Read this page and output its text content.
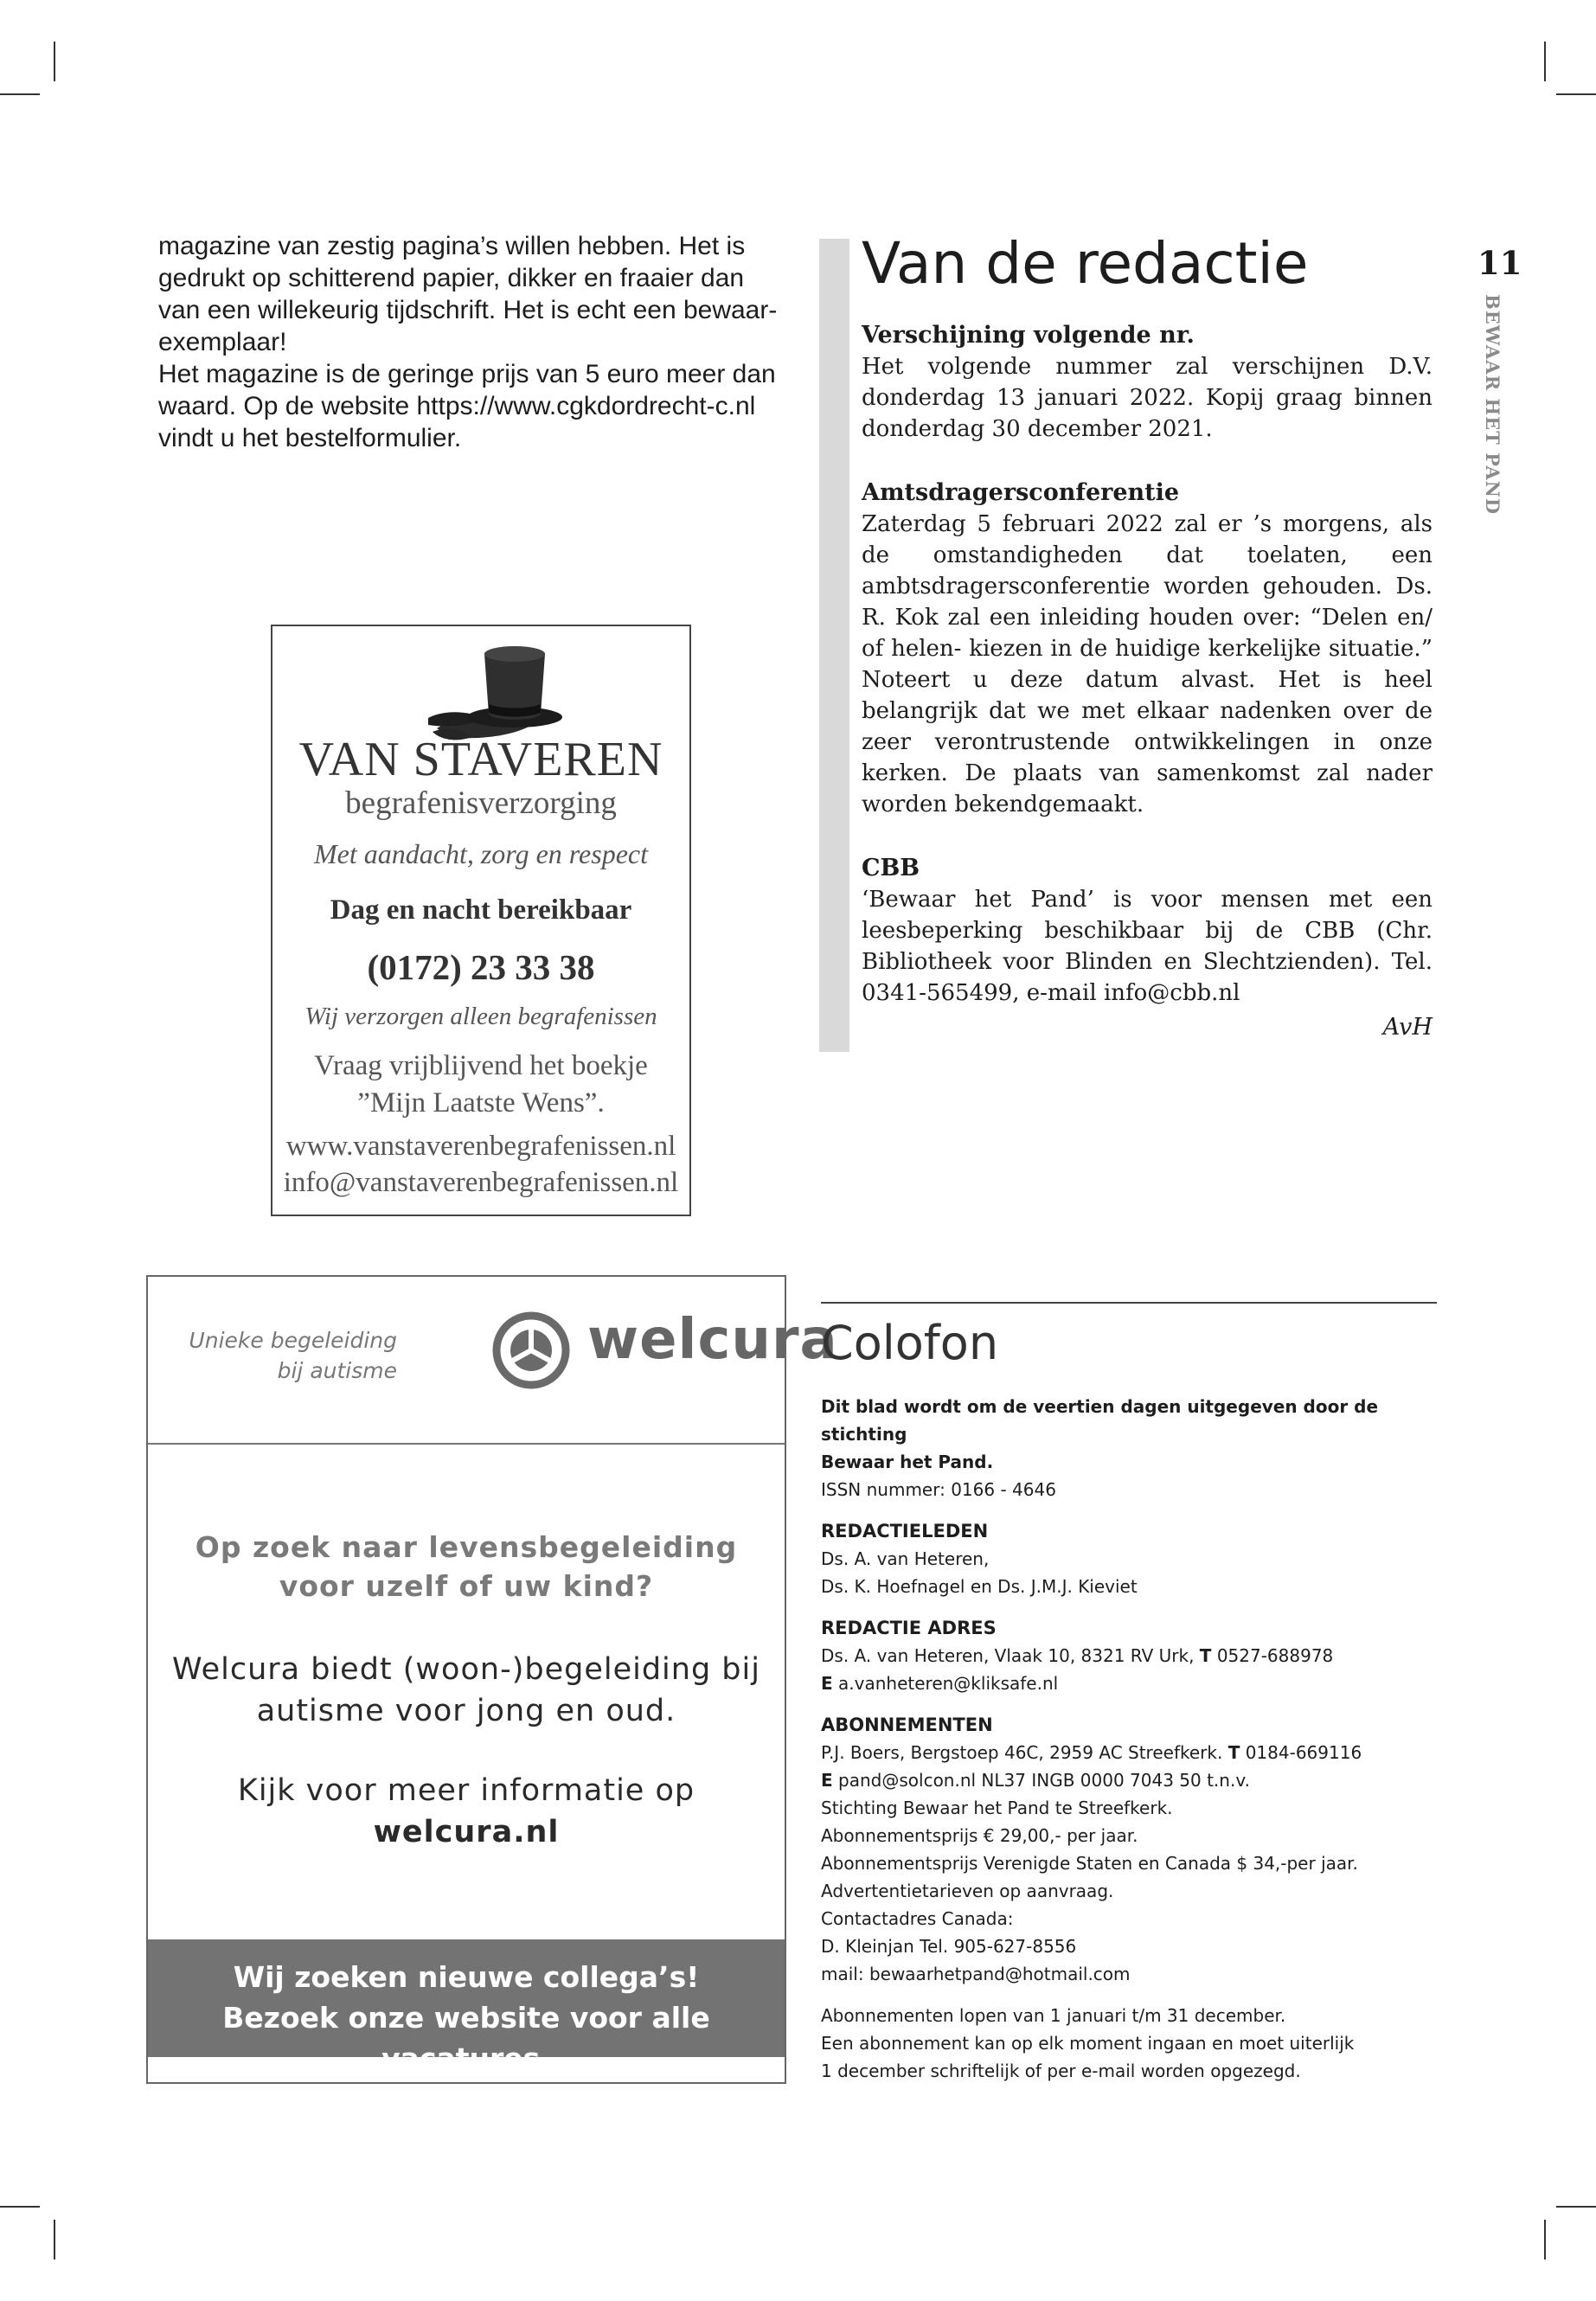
11
BEWAAR HET PAND

magazine van zestig pagina’s willen hebben. Het is

gedrukt op schitterend papier, dikker en fraaier dan

van een willekeurig tijdschrift. Het is echt een bewaar-

exemplaar!

Het magazine is de geringe prijs van 5 euro meer dan

waard. Op de website https://www.cgkdordrecht-c.nl

vindt u het bestelformulier.

VAN STAVEREN
begrafenisverzorging
Met aandacht, zorg en respect
Dag en nacht bereikbaar
(0172) 23 33 38
Wij verzorgen alleen begrafenissen
Vraag vrijblijvend het boekje
”Mijn Laatste Wens”.
www.vanstaverenbegrafenissen.nl
info@vanstaverenbegrafenissen.nl
Van de redactie
Verschijning volgende nr.
Het volgende nummer zal verschijnen D.V. donderdag 13 januari 2022. Kopij graag binnen donderdag 30 december 2021.
Amtsdragersconferentie
Zaterdag 5 februari 2022 zal er ’s morgens, als de omstandigheden dat toelaten, een ambtsdragersconferentie worden gehouden. Ds. R. Kok zal een inleiding houden over: “Delen en/ of helen- kiezen in de huidige kerkelijke situatie.” Noteert u deze datum alvast. Het is heel belangrijk dat we met elkaar nadenken over de zeer verontrustende ontwikkelingen in onze kerken. De plaats van samenkomst zal nader worden bekendgemaakt.
CBB
‘Bewaar het Pand’ is voor mensen met een leesbeperking beschikbaar bij de CBB (Chr. Bibliotheek voor Blinden en Slechtzienden). Tel. 0341-565499, e-mail info@cbb.nl
AvH
Unieke begeleiding
bij autisme	welcura
Op zoek naar levensbegeleiding
voor uzelf of uw kind?
Welcura biedt (woon-)begeleiding bij
autisme voor jong en oud.
Kijk voor meer informatie op
welcura.nl
Wij zoeken nieuwe collega’s!
Bezoek onze website voor alle vacatures.
Colofon
Dit blad wordt om de veertien dagen uitgegeven door de stichting
Bewaar het Pand.
ISSN nummer: 0166 - 4646
REDACTIELEDEN
Ds. A. van Heteren,
Ds. K. Hoefnagel en Ds. J.M.J. Kieviet
REDACTIE ADRES
Ds. A. van Heteren, Vlaak 10, 8321 RV Urk, T 0527-688978
E a.vanheteren@kliksafe.nl
ABONNEMENTEN
P.J. Boers, Bergstoep 46C, 2959 AC Streefkerk. T 0184-669116
E pand@solcon.nl NL37 INGB 0000 7043 50 t.n.v.
Stichting Bewaar het Pand te Streefkerk.
Abonnementsprijs € 29,00,- per jaar.
Abonnementsprijs Verenigde Staten en Canada $ 34,-per jaar.
Advertentietarieven op aanvraag.
Contactadres Canada:
D. Kleinjan Tel. 905-627-8556
mail: bewaarhetpand@hotmail.com
Abonnementen lopen van 1 januari t/m 31 december.
Een abonnement kan op elk moment ingaan en moet uiterlijk
1 december schriftelijk of per e-mail worden opgezegd.
